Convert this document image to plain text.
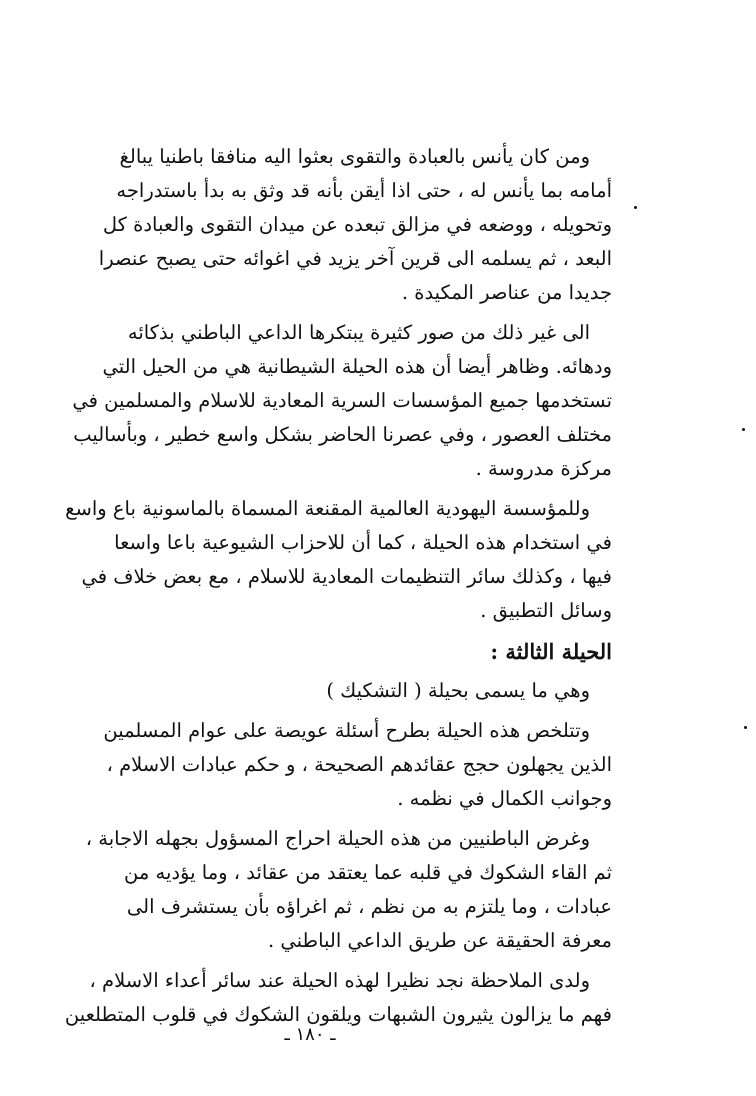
ومن كان يأنس بالعبادة والتقوى بعثوا اليه منافقا باطنيا يبالغ
أمامه بما يأنس له ، حتى اذا أيقن بأنه قد وثق به بدأ باستدراجه
وتحويله ، ووضعه في مزالق تبعده عن ميدان التقوى والعبادة كل
البعد ، ثم يسلمه الى قرين آخر يزيد في اغوائه حتى يصبح عنصرا
جديدا من عناصر المكيدة .
الى غير ذلك من صور كثيرة يبتكرها الداعي الباطني بذكائه
ودهائه. وظاهر أيضا أن هذه الحيلة الشيطانية هي من الحيل التي
تستخدمها جميع المؤسسات السرية المعادية للاسلام والمسلمين في
مختلف العصور ، وفي عصرنا الحاضر بشكل واسع خطير ، وبأساليب
مركزة مدروسة .
وللمؤسسة اليهودية العالمية المقنعة المسماة بالماسونية باع واسع
في استخدام هذه الحيلة ، كما أن للاحزاب الشيوعية باعا واسعا
فيها ، وكذلك سائر التنظيمات المعادية للاسلام ، مع بعض خلاف في
وسائل التطبيق .
الحيلة الثالثة :
وهي ما يسمى بحيلة ( التشكيك )
وتتلخص هذه الحيلة بطرح أسئلة عويصة على عوام المسلمين
الذين يجهلون حجج عقائدهم الصحيحة ، و حكم عبادات الاسلام ،
وجوانب الكمال في نظمه .
وغرض الباطنيين من هذه الحيلة احراج المسؤول بجهله الاجابة ،
ثم القاء الشكوك في قلبه عما يعتقد من عقائد ، وما يؤديه من
عبادات ، وما يلتزم به من نظم ، ثم اغراؤه بأن يستشرف الى
معرفة الحقيقة عن طريق الداعي الباطني .
ولدى الملاحظة نجد نظيرا لهذه الحيلة عند سائر أعداء الاسلام ،
فهم ما يزالون يثيرون الشبهات ويلقون الشكوك في قلوب المتطلعين
ـ ١٨٠ ـ
